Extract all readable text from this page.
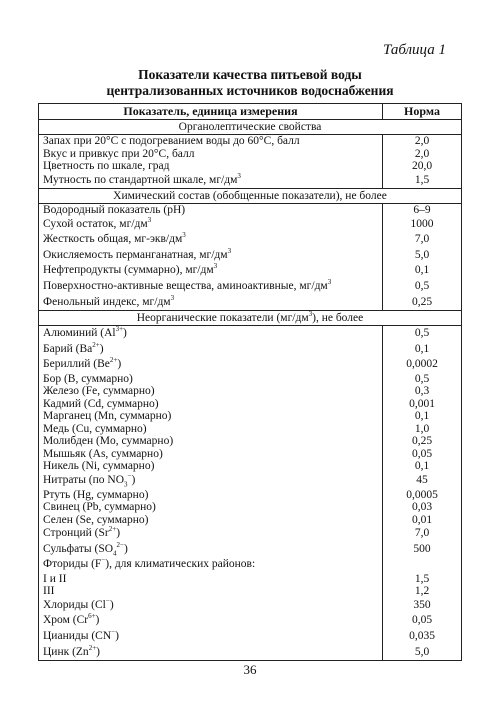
Таблица 1
Показатели качества питьевой воды
централизованных источников водоснабжения
Показатель, единица измерения	Норма
Органолептические свойства	
Запах при 20°С с подогреванием воды до 60°С, балл	2,0
Вкус и привкус при 20°С, балл	2,0
Цветность по шкале, град	20,0
Мутность по стандартной шкале, $мг/дм^3$	1,5
Химический состав (обобщенные показатели), не более	
Водородный показатель (pH)	6–9
Сухой остаток, $мг/дм^3$	1000
Жесткость общая, $мг-экв/дм^3$	7,0
Окисляемость перманганатная, $мг/дм^3$	5,0
Нефтепродукты (суммарно), $мг/дм^3$	0,1
Поверхностно-активные вещества, аминоактивные, $мг/дм^3$	0,5
Фенольный индекс, $мг/дм^3$	0,25
Неорганические показатели $(мг/дм^3)$, не более	
Алюминий $(Al^{3+})$	0,5
Барий $(Ba^{2+})$	0,1
Бериллий $(Be^{2+})$	0,0002
Бор (В, суммарно)	0,5
Железо (Fe, суммарно)	0,3
Кадмий (Cd, суммарно)	0,001
Марганец (Mn, суммарно)	0,1
Медь (Cu, суммарно)	1,0
Молибден (Mo, суммарно)	0,25
Мышьяк (As, суммарно)	0,05
Никель (Ni, суммарно)	0,1
Нитраты (по $NO_3^-$)	45
Ртуть (Hg, суммарно)	0,0005
Свинец (Pb, суммарно)	0,03
Селен (Se, суммарно)	0,01
Стронций $(Sr^{2+})$	7,0
Сульфаты $(SO_4^{2-})$	500
Фториды (F−), для климатических районов:	
I и II	1,5
III	1,2
Хлориды (Cl−)	350
Хром $(Cr^{6+})$	0,05
Цианиды (CN−)	0,035
Цинк $(Zn^{2+})$	5,0
36
